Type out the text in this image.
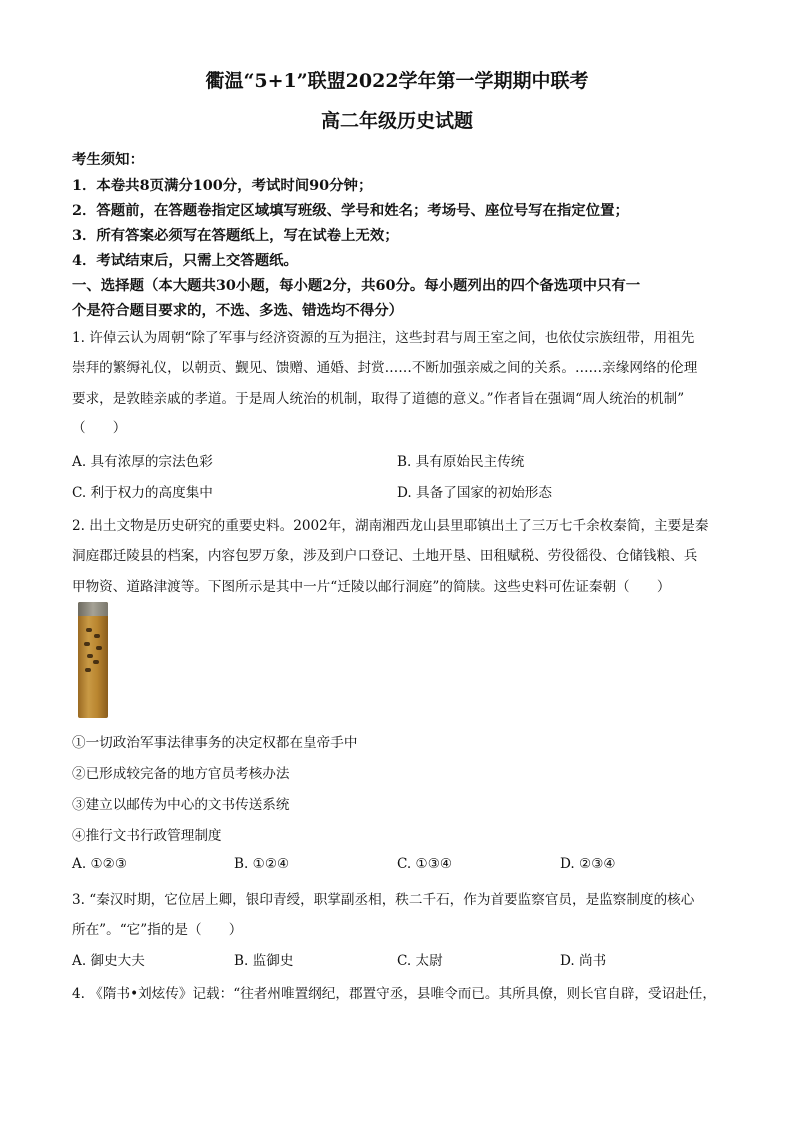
衢温“5+1”联盟2022学年第一学期期中联考
高二年级历史试题
考生须知：
1．本卷共8页满分100分，考试时间90分钟；
2．答题前，在答题卷指定区域填写班级、学号和姓名；考场号、座位号写在指定位置；
3．所有答案必须写在答题纸上，写在试卷上无效；
4．考试结束后，只需上交答题纸。
一、选择题（本大题共30小题，每小题2分，共60分。每小题列出的四个备选项中只有一
个是符合题目要求的，不选、多选、错选均不得分）
1. 许倬云认为周朝“除了军事与经济资源的互为挹注，这些封君与周王室之间，也依仗宗族纽带，用祖先
崇拜的繁缛礼仪，以朝贡、觐见、馈赠、通婚、封赏……不断加强亲威之间的关系。……亲缘网络的伦理
要求，是敦睦亲戚的孝道。于是周人统治的机制，取得了道德的意义。”作者旨在强调“周人统治的机制”
（　　）
A. 具有浓厚的宗法色彩	B. 具有原始民主传统
C. 利于权力的高度集中	D. 具备了国家的初始形态
2. 出土文物是历史研究的重要史料。2002年，湖南湘西龙山县里耶镇出土了三万七千余枚秦简，主要是秦
洞庭郡迁陵县的档案，内容包罗万象，涉及到户口登记、土地开垦、田租赋税、劳役徭役、仓储钱粮、兵
甲物资、道路津渡等。下图所示是其中一片“迁陵以邮行洞庭”的简牍。这些史料可佐证秦朝（　　）
①一切政治军事法律事务的决定权都在皇帝手中
②已形成较完备的地方官员考核办法
③建立以邮传为中心的文书传送系统
④推行文书行政管理制度
A. ①②③	B. ①②④	C. ①③④	D. ②③④
3. “秦汉时期，它位居上卿，银印青绶，职掌副丞相，秩二千石，作为首要监察官员，是监察制度的核心
所在”。“它”指的是（　　）
A. 御史大夫	B. 监御史	C. 太尉	D. 尚书
4. 《隋书•刘炫传》记载：“往者州唯置纲纪，郡置守丞，县唯令而已。其所具僚，则长官自辟，受诏赴任，
